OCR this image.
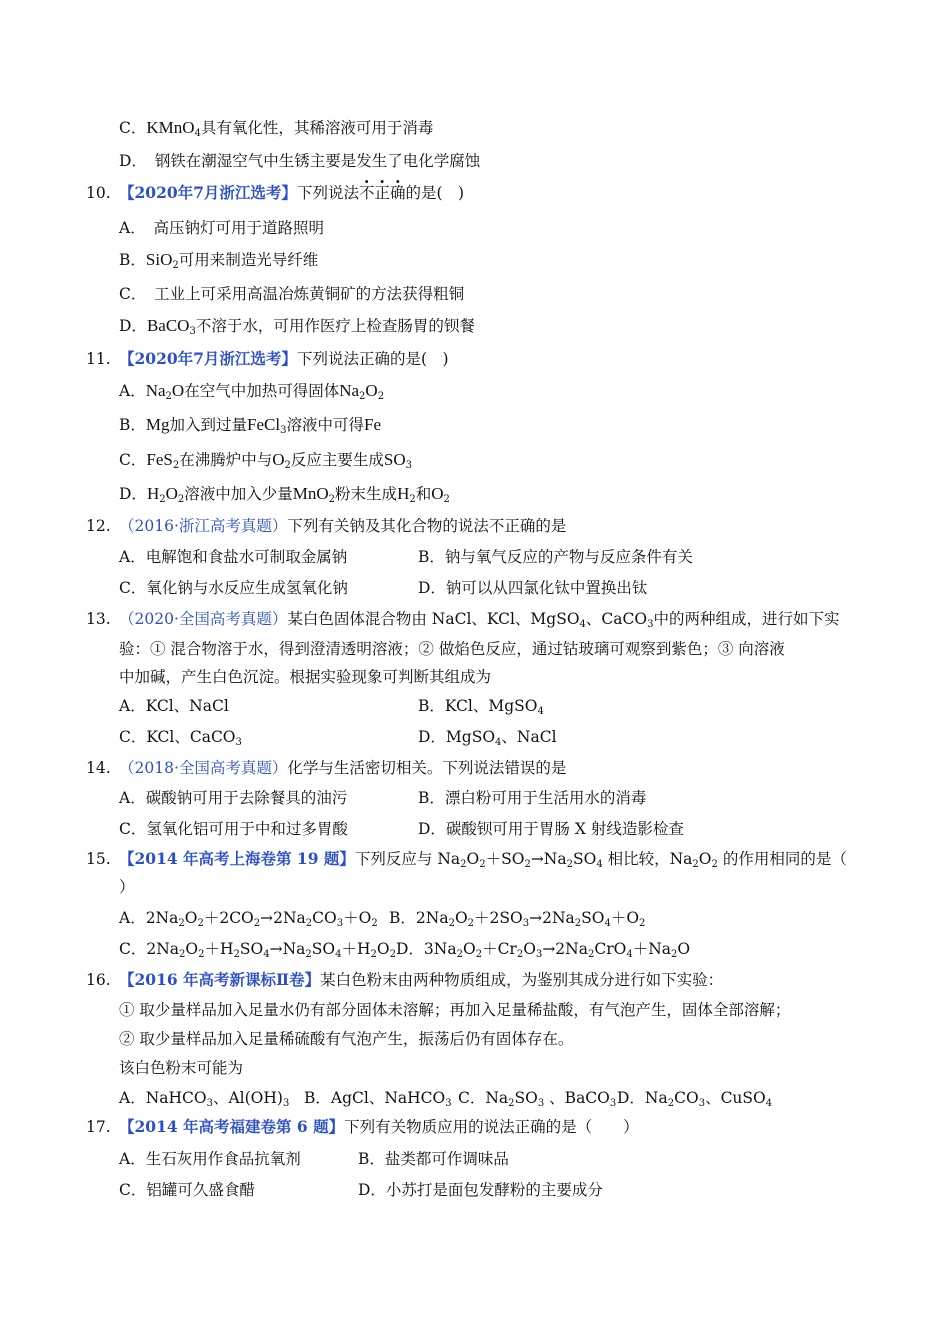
C．KMnO$_4$具有氧化性，其稀溶液可用于消毒
D．　 钢铁在潮湿空气中生锈主要是发生了电化学腐蚀
10. 【2020年7月浙江选考】下列说法不正确的是(　)
A．　高压钠灯可用于道路照明
B．SiO$_2$可用来制造光导纤维
C．　工业上可采用高温冶炼黄铜矿的方法获得粗铜
D．BaCO$_3$不溶于水，可用作医疗上检查肠胃的钡餐
11. 【2020年7月浙江选考】下列说法正确的是(　)
A．$Na_2O$在空气中加热可得固体$Na_2O_2$
B．Mg加入到过量FeCl$_3$溶液中可得Fe
C．FeS$_2$在沸腾炉中与$O_2$反应主要生成$SO_3$
D．$H_2O_2$溶液中加入少量MnO$_2$粉末生成$H_2$和$O_2$
12. （2016·浙江高考真题）下列有关钠及其化合物的说法不正确的是
A．电解饱和食盐水可制取金属钠	B．钠与氧气反应的产物与反应条件有关
C．氧化钠与水反应生成氢氧化钠	D．钠可以从四氯化钛中置换出钛
13. （2020·全国高考真题）某白色固体混合物由 NaCl、KCl、MgSO$_4$、CaCO$_3$中的两种组成，进行如下实
验：① 混合物溶于水，得到澄清透明溶液；② 做焰色反应，通过钴玻璃可观察到紫色；③ 向溶液
中加碱，产生白色沉淀。根据实验现象可判断其组成为
A．KCl、NaCl	B．KCl、MgSO$_4$
C．KCl、CaCO$_3$	D．MgSO$_4$、NaCl
14. （2018·全国高考真题）化学与生活密切相关。下列说法错误的是
A．碳酸钠可用于去除餐具的油污	B．漂白粉可用于生活用水的消毒
C．氢氧化铝可用于中和过多胃酸	D．碳酸钡可用于胃肠 X 射线造影检查
15. 【2014 年高考上海卷第 19 题】下列反应与 $Na_2O_2+SO_2\to Na_2SO_4$ 相比较，$Na_2O_2$ 的作用相同的是（
）
A．$2Na_2O_2+2CO_2\to 2Na_2CO_3+O_2$ B．$2Na_2O_2+2SO_3\to 2Na_2SO_4+O_2$
C．$2Na_2O_2+H_2SO_4\to Na_2SO_4+H_2O_2$ D．$3Na_2O_2+Cr_2O_3\to 2Na_2CrO_4+Na_2O$
16. 【2016 年高考新课标Ⅱ卷】某白色粉末由两种物质组成，为鉴别其成分进行如下实验：
① 取少量样品加入足量水仍有部分固体未溶解；再加入足量稀盐酸，有气泡产生，固体全部溶解；
② 取少量样品加入足量稀硫酸有气泡产生，振荡后仍有固体存在。
该白色粉末可能为
A．NaHCO$_3$、$Al(OH)_3$ B．AgCl、NaHCO$_3$ C．$Na_2SO_3$ 、BaCO$_3$ D．$Na_2CO_3$、CuSO$_4$
17. 【2014 年高考福建卷第 6 题】下列有关物质应用的说法正确的是（　　）
A．生石灰用作食品抗氧剂	B．盐类都可作调味品
C．铝罐可久盛食醋	D．小苏打是面包发酵粉的主要成分
